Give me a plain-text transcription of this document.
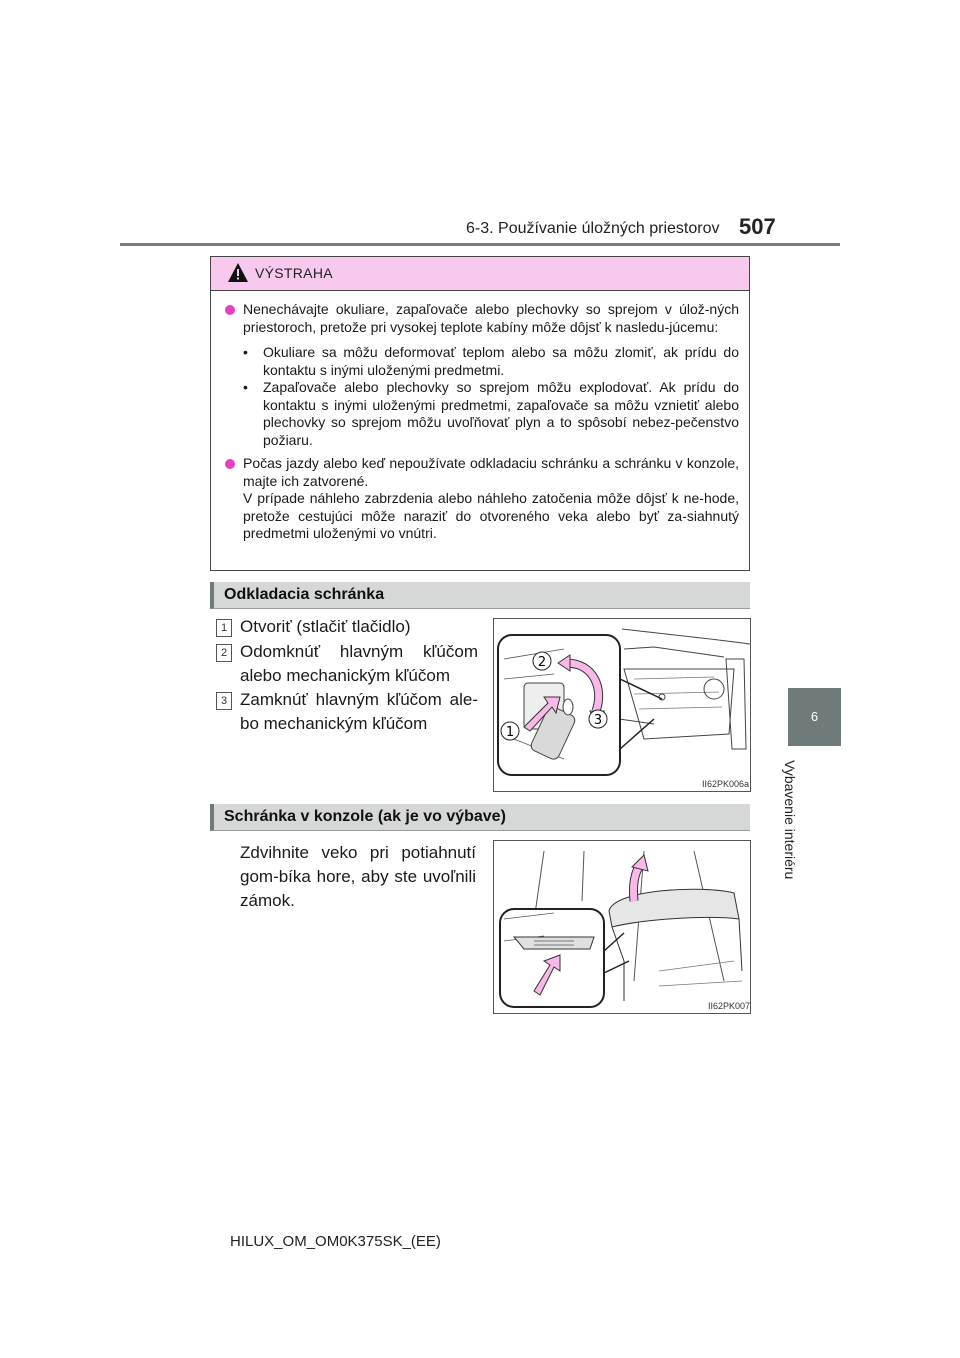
6-3. Používanie úložných priestorov 507
6
Vybavenie interiéru
VÝSTRAHA
Nenechávajte okuliare, zapaľovače alebo plechovky so sprejom v úlož-ných priestoroch, pretože pri vysokej teplote kabíny môže dôjsť k nasledu-júcemu:
• Okuliare sa môžu deformovať teplom alebo sa môžu zlomiť, ak prídu do kontaktu s inými uloženými predmetmi.
• Zapaľovače alebo plechovky so sprejom môžu explodovať. Ak prídu do kontaktu s inými uloženými predmetmi, zapaľovače sa môžu vznietiť alebo plechovky so sprejom môžu uvoľňovať plyn a to spôsobí nebez-pečenstvo požiaru.
Počas jazdy alebo keď nepoužívate odkladaciu schránku a schránku v konzole, majte ich zatvorené.
V prípade náhleho zabrzdenia alebo náhleho zatočenia môže dôjsť k ne-hode, pretože cestujúci môže naraziť do otvoreného veka alebo byť za-siahnutý predmetmi uloženými vo vnútri.
Odkladacia schránka
1 Otvoriť (stlačiť tlačidlo)
2 Odomknúť hlavným kľúčom alebo mechanickým kľúčom
3 Zamknúť hlavným kľúčom ale-bo mechanickým kľúčom
2
1
3
II62PK006a
Schránka v konzole (ak je vo výbave)
Zdvihnite veko pri potiahnutí gom-bíka hore, aby ste uvoľnili zámok.
II62PK007
HILUX_OM_OM0K375SK_(EE)
